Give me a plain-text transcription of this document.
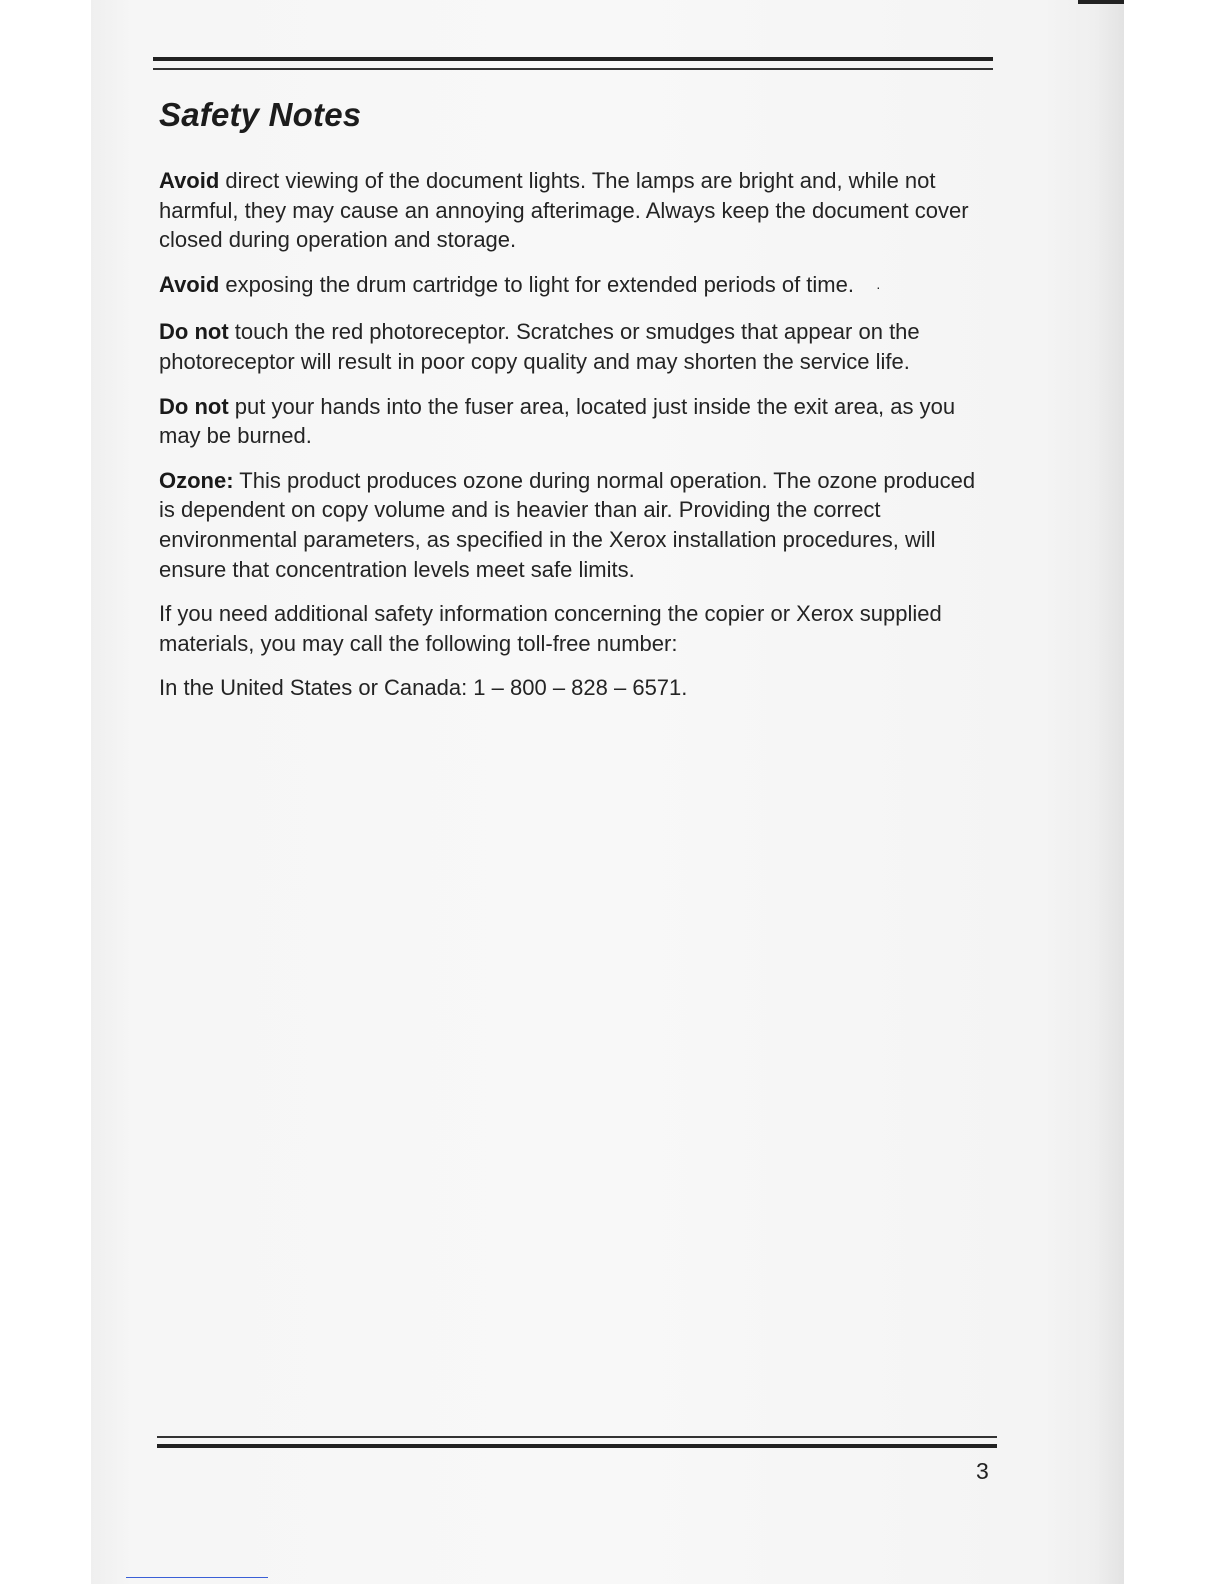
Safety Notes

Avoid direct viewing of the document lights. The lamps are bright and, while not harmful, they may cause an annoying afterimage. Always keep the document cover closed during operation and storage.

Avoid exposing the drum cartridge to light for extended periods of time. ·

Do not touch the red photoreceptor. Scratches or smudges that appear on the photoreceptor will result in poor copy quality and may shorten the service life.

Do not put your hands into the fuser area, located just inside the exit area, as you may be burned.

Ozone: This product produces ozone during normal operation. The ozone produced is dependent on copy volume and is heavier than air. Providing the correct environmental parameters, as specified in the Xerox installation procedures, will ensure that concentration levels meet safe limits.

If you need additional safety information concerning the copier or Xerox supplied materials, you may call the following toll-free number:

In the United States or Canada: 1 – 800 – 828 – 6571.

3
